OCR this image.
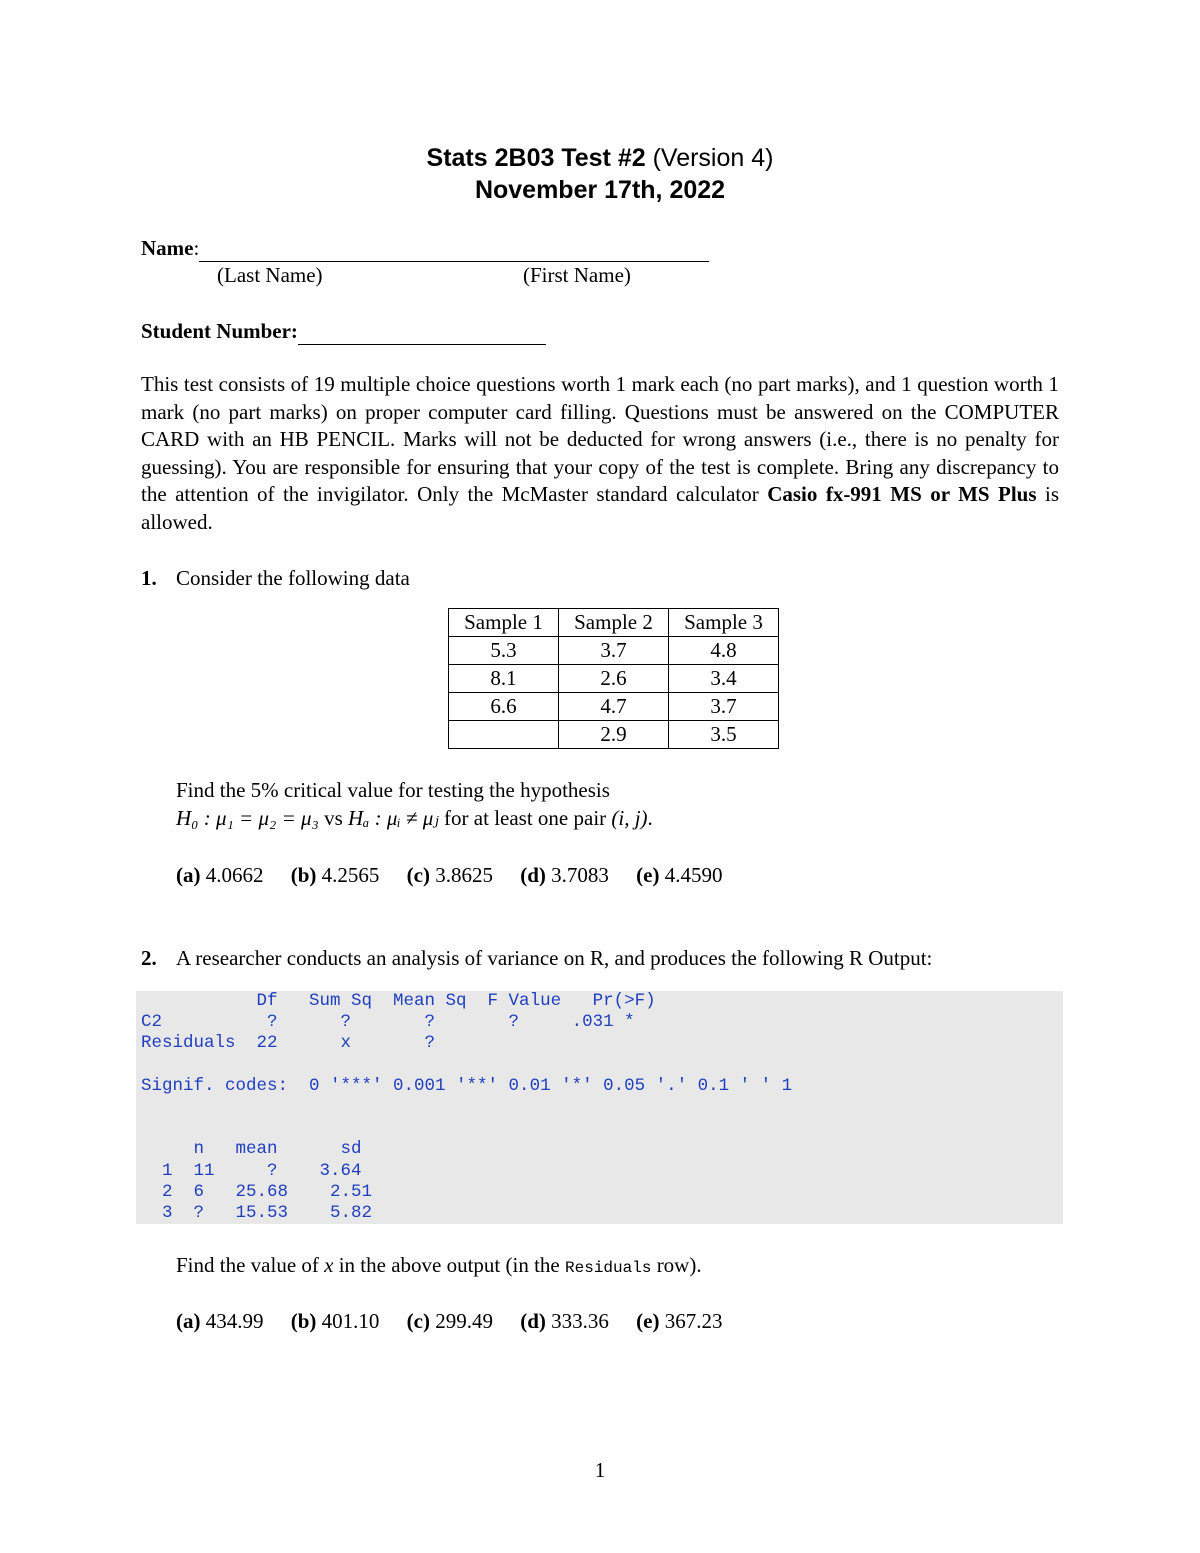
Stats 2B03 Test #2 (Version 4)
November 17th, 2022
Name:
(Last Name)	(First Name)
Student Number:
This test consists of 19 multiple choice questions worth 1 mark each (no part marks), and 1 question worth 1 mark (no part marks) on proper computer card filling. Questions must be answered on the COMPUTER CARD with an HB PENCIL. Marks will not be deducted for wrong answers (i.e., there is no penalty for guessing). You are responsible for ensuring that your copy of the test is complete. Bring any discrepancy to the attention of the invigilator. Only the McMaster standard calculator Casio fx-991 MS or MS Plus is allowed.
1. Consider the following data
Sample 1	Sample 2	Sample 3
5.3	3.7	4.8
8.1	2.6	3.4
6.6	4.7	3.7
	2.9	3.5
Find the 5% critical value for testing the hypothesis
H₀ : μ₁ = μ₂ = μ₃ vs Hₐ : μᵢ ≠ μⱼ for at least one pair (i, j).
(a) 4.0662 (b) 4.2565 (c) 3.8625 (d) 3.7083 (e) 4.4590
2. A researcher conducts an analysis of variance on R, and produces the following R Output:
Df   Sum Sq  Mean Sq  F Value   Pr(>F)
C2          ?      ?       ?       ?     .031 *
Residuals  22      x       ?

Signif. codes:  0 '***' 0.001 '**' 0.01 '*' 0.05 '.' 0.1 ' ' 1

n   mean      sd
1  11     ?    3.64
2  6   25.68    2.51
3  ?   15.53    5.82
Find the value of x in the above output (in the Residuals row).
(a) 434.99 (b) 401.10 (c) 299.49 (d) 333.36 (e) 367.23
1
